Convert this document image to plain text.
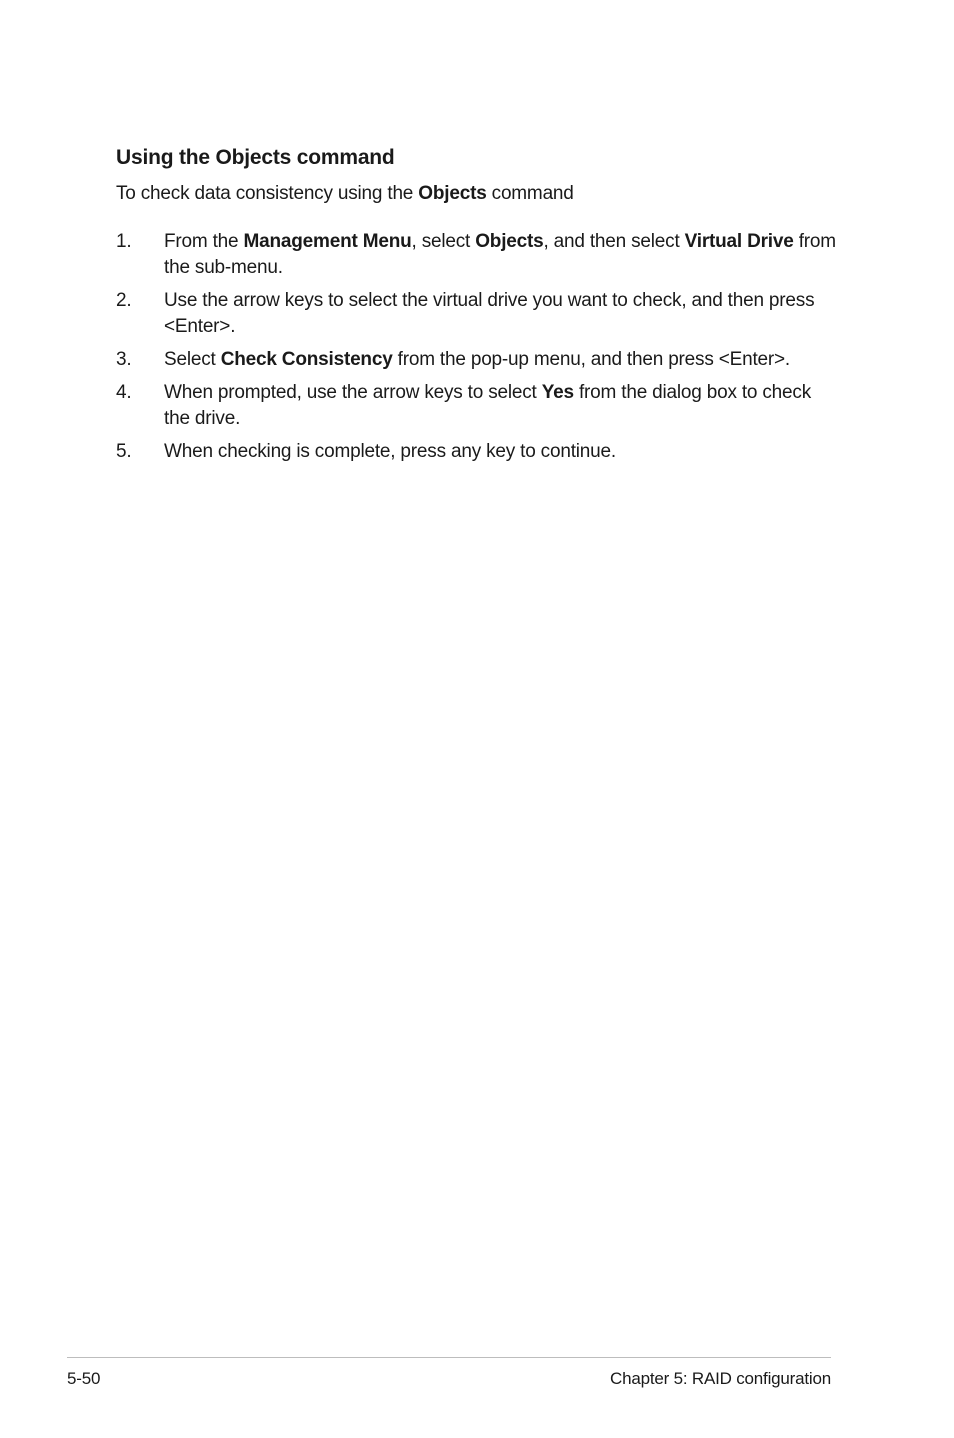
Using the Objects command

To check data consistency using the Objects command

1. From the Management Menu, select Objects, and then select Virtual Drive from the sub-menu.
2. Use the arrow keys to select the virtual drive you want to check, and then press <Enter>.
3. Select Check Consistency from the pop-up menu, and then press <Enter>.
4. When prompted, use the arrow keys to select Yes from the dialog box to check the drive.
5. When checking is complete, press any key to continue.
5-50	Chapter 5: RAID configuration
